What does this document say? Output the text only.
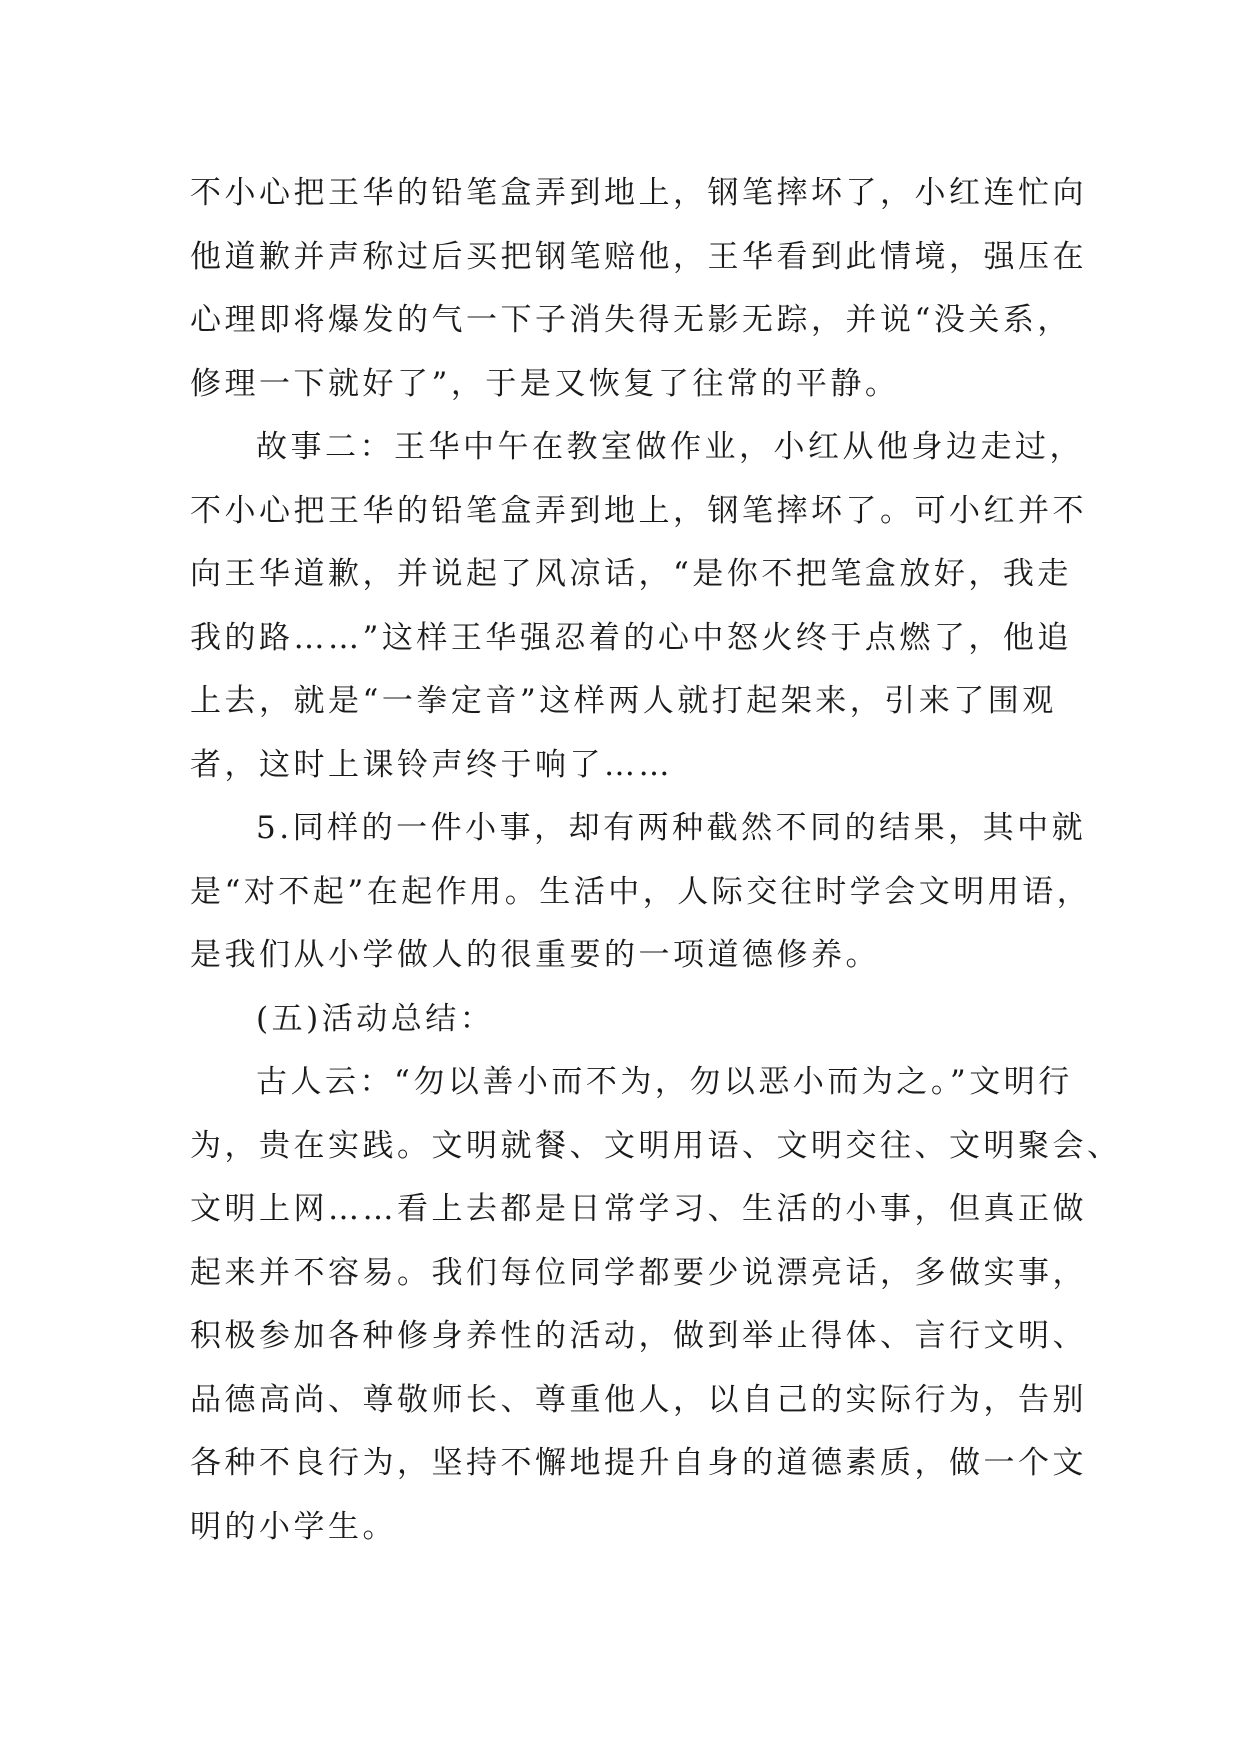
不小心把王华的铅笔盒弄到地上，钢笔摔坏了，小红连忙向
他道歉并声称过后买把钢笔赔他，王华看到此情境，强压在
心理即将爆发的气一下子消失得无影无踪，并说“没关系，
修理一下就好了”，于是又恢复了往常的平静。
故事二：王华中午在教室做作业，小红从他身边走过，
不小心把王华的铅笔盒弄到地上，钢笔摔坏了。可小红并不
向王华道歉，并说起了风凉话，“是你不把笔盒放好，我走
我的路……”这样王华强忍着的心中怒火终于点燃了，他追
上去，就是“一拳定音”这样两人就打起架来，引来了围观
者，这时上课铃声终于响了……
5.同样的一件小事，却有两种截然不同的结果，其中就
是“对不起”在起作用。生活中，人际交往时学会文明用语，
是我们从小学做人的很重要的一项道德修养。
(五)活动总结：
古人云：“勿以善小而不为，勿以恶小而为之。”文明行
为，贵在实践。文明就餐、文明用语、文明交往、文明聚会、
文明上网……看上去都是日常学习、生活的小事，但真正做
起来并不容易。我们每位同学都要少说漂亮话，多做实事，
积极参加各种修身养性的活动，做到举止得体、言行文明、
品德高尚、尊敬师长、尊重他人，以自己的实际行为，告别
各种不良行为，坚持不懈地提升自身的道德素质，做一个文
明的小学生。
